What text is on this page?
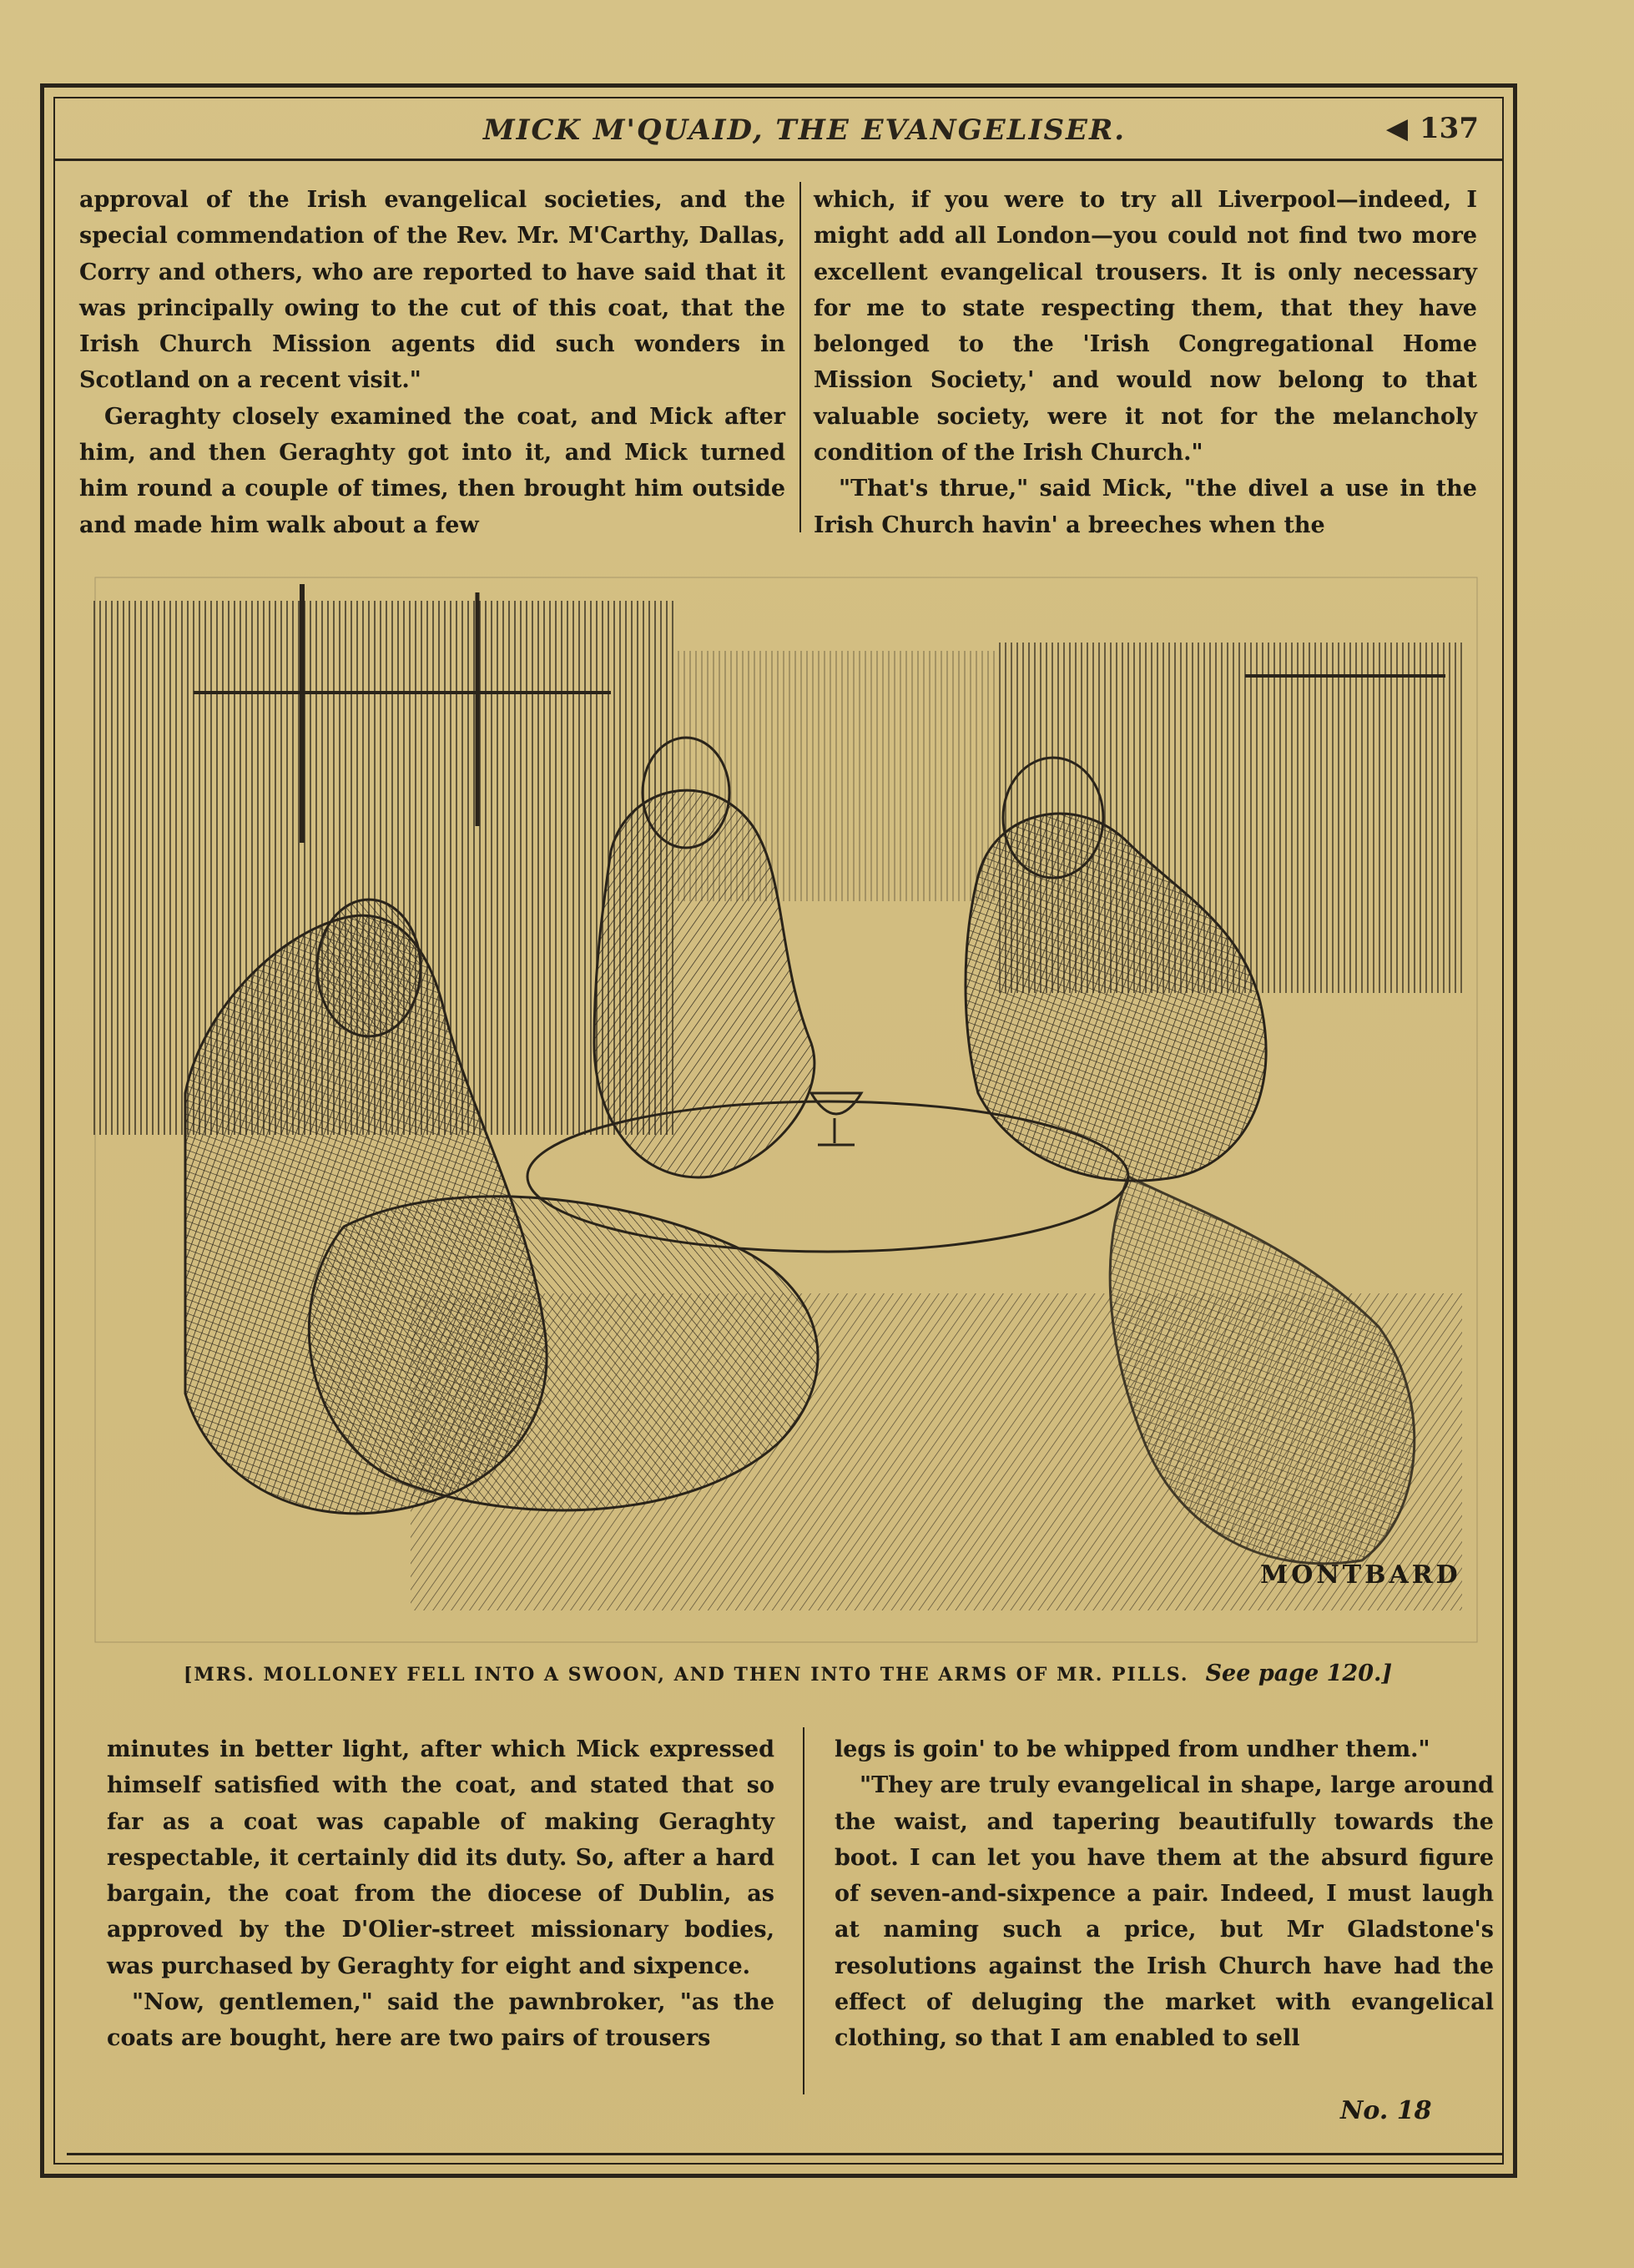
MICK M'QUAID, THE EVANGELISER.	◀ 137

approval of the Irish evangelical societies, and the special commendation of the Rev. Mr. M'Carthy, Dallas, Corry and others, who are reported to have said that it was principally owing to the cut of this coat, that the Irish Church Mission agents did such wonders in Scotland on a recent visit."

Geraghty closely examined the coat, and Mick after him, and then Geraghty got into it, and Mick turned him round a couple of times, then brought him outside and made him walk about a few

which, if you were to try all Liverpool—indeed, I might add all London—you could not find two more excellent evangelical trousers. It is only necessary for me to state respecting them, that they have belonged to the 'Irish Congregational Home Mission Society,' and would now belong to that valuable society, were it not for the melancholy condition of the Irish Church."

"That's thrue," said Mick, "the divel a use in the Irish Church havin' a breeches when the

MONTBARD
[MRS. MOLLONEY FELL INTO A SWOON, AND THEN INTO THE ARMS OF MR. PILLS. See page 120.]

minutes in better light, after which Mick expressed himself satisfied with the coat, and stated that so far as a coat was capable of making Geraghty respectable, it certainly did its duty. So, after a hard bargain, the coat from the diocese of Dublin, as approved by the D'Olier-street missionary bodies, was purchased by Geraghty for eight and sixpence.

"Now, gentlemen," said the pawnbroker, "as the coats are bought, here are two pairs of trousers

legs is goin' to be whipped from undher them."

"They are truly evangelical in shape, large around the waist, and tapering beautifully towards the boot. I can let you have them at the absurd figure of seven-and-sixpence a pair. Indeed, I must laugh at naming such a price, but Mr Gladstone's resolutions against the Irish Church have had the effect of deluging the market with evangelical clothing, so that I am enabled to sell

No. 18
